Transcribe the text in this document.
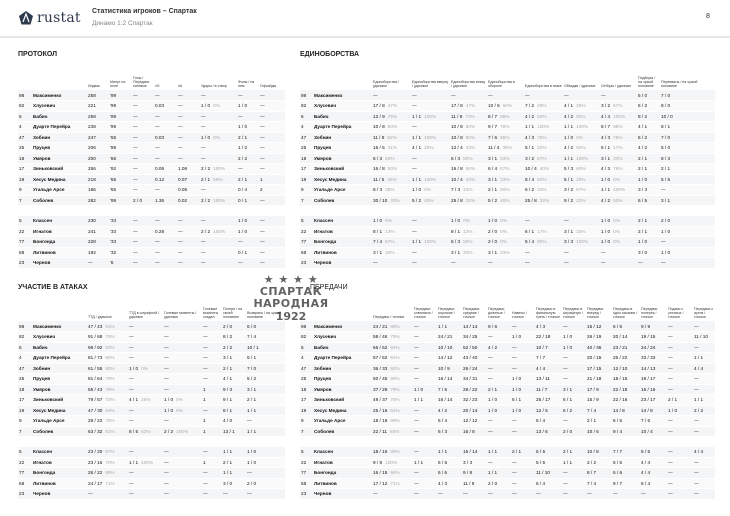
rustat Статистика игроков – Спартак
Динамо 1:2 Спартак
8
ПРОТОКОЛ	ЕДИНОБОРСТВА
УЧАСТИЕ В АТАКАХ	ПЕРЕДАЧИ
		Индекс	Минут на поле	Голы / Передачи голевые	xG	xA	Удары / в створ	Фолы / на нем	Офсайды
98	Максименко	258	'99	—	—	—	—	—	—
82	Хлусевич	221	'99	—	0.03	—	1 / 0 0%	1 / 0	—
6	Бабич	258	'99	—	—	—	—	—	—
4	Дуарте Перейра	238	'99	—	—	—	—	1 / 0	—
47	Зобнин	247	'65	—	0.03	—	1 / 0 0%	2 / 1	—
25	Пруцев	206	'99	—	—	—	—	1 / 2	—
18	Умяров	200	'66	—	—	—	—	2 / 2	—
17	Зиньковский	256	'92	—	0.06	1.06	2 / 2 100%	—	—
19	Хесус Медина	218	'65	—	0.12	0.07	2 / 1 50%	2 / 1	1
9	Угальде Арсе	186	'65	—	—	0.05	—	0 / 4	2
7	Соболев	282	'99	2 / 0	1.36	0.02	2 / 2 100%	0 / 1	—

5	Классен	230	'33	—	—	—	—	1 / 0	—
22	Игнатов	241	'33	—	0.28	—	2 / 2 100%	1 / 0	—
77	Бонгонда	228	'33	—	—	—	—	—	—
68	Литвинов	192	'32	—	—	—	—	0 / 1	—
23	Чернов	—	'6	—	—	—	—	—	—
		Единоборства / удачные	Единоборства вверху / удачные	Единоборства внизу / удачные	Единоборства в обороне	Единоборства в атаке	Обводки / удачные	Отборы / удачные	Подборы / на чужой половине	Перехваты / на чужой половине
98	Максименко	—	—	—	—	—	—	—	5 / 0	7 / 0
82	Хлусевич	17 / 8 47%	—	17 / 8 47%	10 / 6 60%	7 / 2 29%	4 / 1 25%	3 / 2 67%	5 / 2	8 / 0
6	Бабич	12 / 9 75%	1 / 1 100%	11 / 8 73%	8 / 7 88%	4 / 2 50%	4 / 2 50%	4 / 4 100%	8 / 2	10 / 0
4	Дуарте Перейра	10 / 8 80%	—	10 / 8 80%	9 / 7 78%	1 / 1 100%	1 / 1 100%	8 / 7 88%	4 / 1	8 / 1
47	Зобнин	11 / 9 82%	1 / 1 100%	10 / 8 80%	7 / 6 86%	4 / 3 75%	1 / 0 0%	4 / 3 75%	5 / 2	7 / 0
25	Пруцев	16 / 5 31%	4 / 1 25%	12 / 4 33%	11 / 4 36%	5 / 1 20%	4 / 2 50%	6 / 1 17%	4 / 2	5 / 0
18	Умяров	6 / 3 50%	—	6 / 3 50%	3 / 1 33%	3 / 2 67%	1 / 1 100%	3 / 1 33%	2 / 1	8 / 3
17	Зиньковский	16 / 8 50%	—	16 / 8 50%	6 / 4 67%	10 / 4 40%	5 / 3 60%	4 / 3 75%	2 / 1	2 / 1
19	Хесус Медина	11 / 5 45%	1 / 1 100%	10 / 4 40%	3 / 1 33%	8 / 4 50%	5 / 1 20%	1 / 0 0%	1 / 0	5 / 5
9	Угальде Арсе	8 / 3 38%	1 / 0 0%	7 / 3 43%	2 / 1 50%	6 / 2 33%	3 / 2 67%	1 / 1 100%	3 / 3	—
7	Соболев	30 / 10 33%	5 / 2 40%	25 / 8 32%	5 / 2 40%	25 / 8 32%	9 / 2 22%	4 / 2 50%	6 / 5	3 / 1

5	Классен	1 / 0 0%	—	1 / 0 0%	1 / 0 0%	—	—	1 / 0 0%	2 / 1	2 / 0
22	Игнатов	8 / 1 13%	—	8 / 1 13%	2 / 0 0%	6 / 1 17%	3 / 1 33%	1 / 0 0%	2 / 1	1 / 0
77	Бонгонда	7 / 4 57%	1 / 1 100%	6 / 3 50%	2 / 0 0%	5 / 4 80%	3 / 3 100%	1 / 0 0%	1 / 0	—
68	Литвинов	3 / 1 33%	—	3 / 1 33%	3 / 1 33%	—	—	—	3 / 0	1 / 0
23	Чернов	—	—	—	—	—	—	—	—	—
		ТТД / удачные	ТТД в штрафной / удачные	Голевые моменты / удачные	Голевые моменты создал	Потери / на своей половине	Возвраты / на чужой половине
98	Максименко	47 / 43 91%	—	—	—	2 / 0	6 / 0
82	Хлусевич	91 / 68 75%	—	—	—	8 / 2	7 / 4
6	Бабич	99 / 92 93%	—	—	—	2 / 2	10 / 1
4	Дуарте Перейра	81 / 73 90%	—	—	—	3 / 1	5 / 1
47	Зобнин	61 / 55 90%	1 / 0 0%	—	—	2 / 1	7 / 0
25	Пруцев	81 / 64 79%	—	—	—	4 / 1	5 / 2
18	Умяров	55 / 43 78%	—	—	1	9 / 3	3 / 1
17	Зиньковский	79 / 57 72%	4 / 1 25%	1 / 0 0%	1	9 / 1	2 / 1
19	Хесус Медина	47 / 30 64%	—	1 / 0 0%	—	8 / 1	1 / 1
9	Угальде Арсе	29 / 22 76%	—	—	1	4 / 0	—
7	Соболев	63 / 32 51%	8 / 5 63%	2 / 2 100%	1	13 / 1	1 / 1

5	Классен	23 / 20 87%	—	—	—	1 / 1	1 / 0
22	Игнатов	23 / 16 70%	1 / 1 100%	—	1	2 / 1	1 / 0
77	Бонгонда	26 / 22 85%	—	—	—	1 / 1	—
68	Литвинов	24 / 17 71%	—	—	—	3 / 0	2 / 0
23	Чернов	—	—	—	—	—	—
		Передачи / точные	Передачи ключевые / точные	Передачи короткие / точные	Передачи средние / точные	Передачи длинные / точные	Навесы / точные	Передачи в финальную треть / точные	Передачи в штрафную / точные	Передачи вперед / точные	Передачи в одно касание / точные	Передачи поперек / точные	Подачи с угловых / точные	Передачи с аутов / точные
98	Максименко	24 / 21 88%	—	1 / 1	14 / 14	9 / 6	—	4 / 3	—	15 / 12	6 / 5	9 / 9	—	—
82	Хлусевич	58 / 46 79%	—	24 / 21	34 / 25	—	1 / 0	22 / 18	1 / 0	26 / 19	20 / 14	19 / 15	—	11 / 10
6	Бабич	66 / 62 94%	—	10 / 10	52 / 50	4 / 2	—	10 / 7	1 / 0	40 / 36	23 / 21	24 / 24	—	—
4	Дуарте Перейра	57 / 52 91%	—	14 / 12	43 / 40	—	—	7 / 7	—	20 / 15	26 / 22	33 / 33	—	1 / 1
47	Зобнин	36 / 33 92%	—	10 / 9	26 / 24	—	—	4 / 4	—	17 / 15	12 / 10	14 / 13	—	4 / 4
25	Пруцев	50 / 45 90%	—	16 / 14	34 / 31	—	1 / 0	13 / 11	—	21 / 18	18 / 15	19 / 17	—	—
18	Умяров	37 / 29 78%	1 / 0	7 / 6	28 / 22	2 / 1	1 / 0	11 / 7	3 / 1	17 / 9	22 / 18	16 / 16	—	—
17	Зиньковский	49 / 37 76%	1 / 1	16 / 14	32 / 23	1 / 0	6 / 1	25 / 17	6 / 1	15 / 9	22 / 16	23 / 17	2 / 1	1 / 1
19	Хесус Медина	25 / 16 64%	—	4 / 2	20 / 14	1 / 0	1 / 0	12 / 5	6 / 2	7 / 4	14 / 8	14 / 8	1 / 0	2 / 2
9	Угальде Арсе	18 / 16 89%	—	6 / 4	12 / 12	—	—	5 / 4	—	2 / 1	6 / 5	7 / 6	—	—
7	Соболев	22 / 11 50%	—	6 / 3	16 / 8	—	—	13 / 6	2 / 0	10 / 6	9 / 4	10 / 4	—	—

5	Классен	18 / 16 89%	—	1 / 1	16 / 14	1 / 1	2 / 1	6 / 5	2 / 1	10 / 8	7 / 7	5 / 5	—	4 / 4
22	Игнатов	9 / 9 100%	1 / 1	6 / 6	3 / 3	—	—	5 / 5	1 / 1	2 / 2	5 / 5	4 / 4	—	—
77	Бонгонда	16 / 15 94%	—	6 / 6	9 / 8	1 / 1	—	11 / 10	—	8 / 7	6 / 6	4 / 4	—	—
68	Литвинов	17 / 12 71%	—	4 / 3	11 / 9	2 / 0	—	6 / 4	—	7 / 4	9 / 7	6 / 4	—	—
23	Чернов	—	—	—	—	—	—	—	—	—	—	—	—	—
★ ★ ★ ★
СПАРТАК
НАРОДНАЯ
1922
